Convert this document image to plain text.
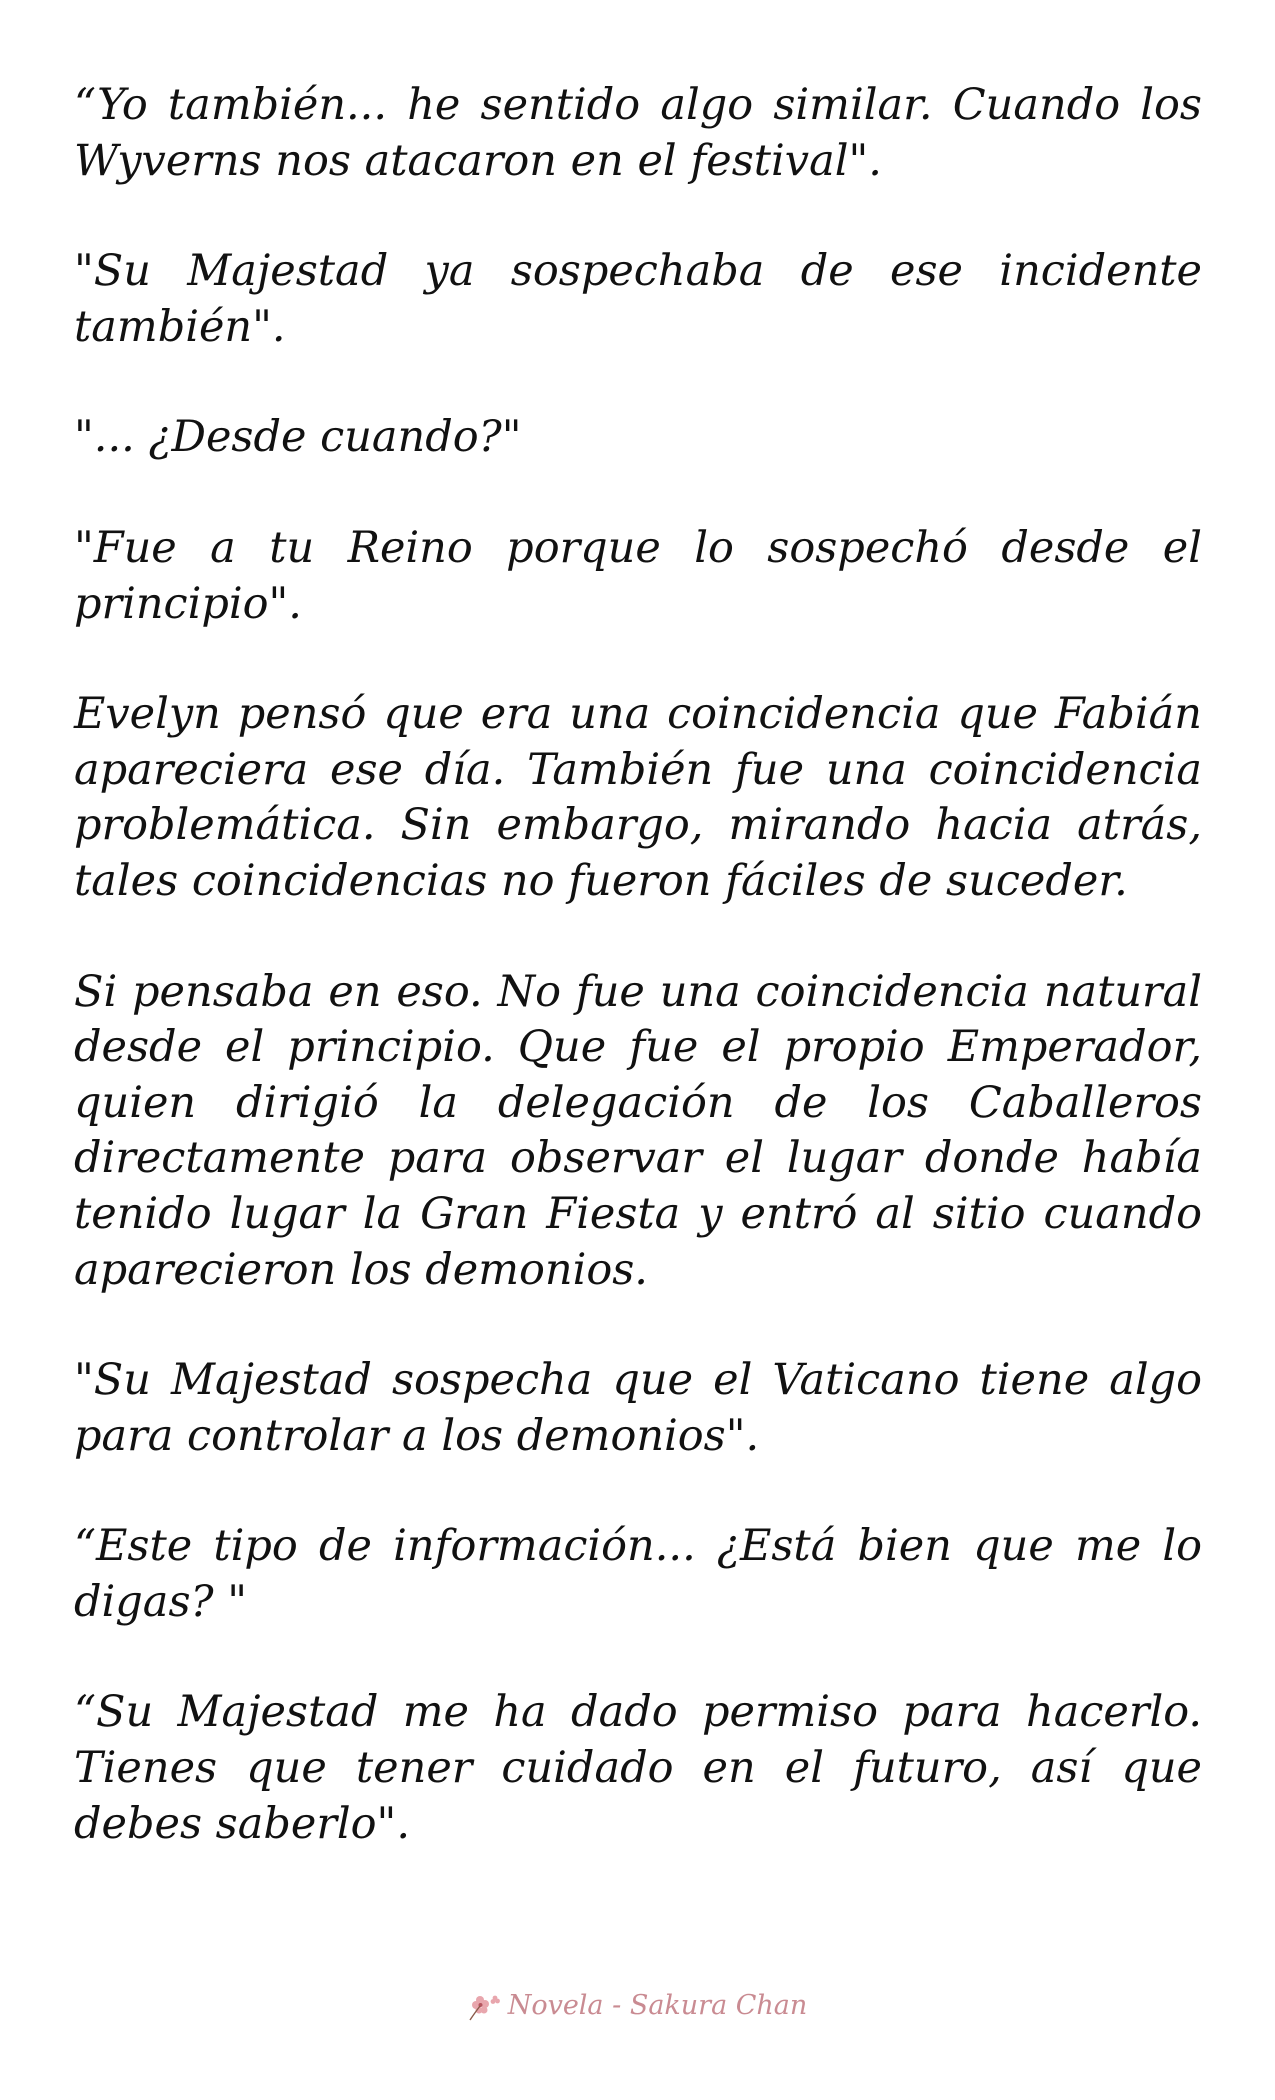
“Yo también... he sentido algo similar. Cuando los Wyverns nos atacaron en el festival".

"Su Majestad ya sospechaba de ese incidente también".

"... ¿Desde cuando?"

"Fue a tu Reino porque lo sospechó desde el principio".

Evelyn pensó que era una coincidencia que Fabián apareciera ese día. También fue una coincidencia problemática. Sin embargo, mirando hacia atrás, tales coincidencias no fueron fáciles de suceder.

Si pensaba en eso. No fue una coincidencia natural desde el principio. Que fue el propio Emperador, quien dirigió la delegación de los Caballeros directamente para observar el lugar donde había tenido lugar la Gran Fiesta y entró al sitio cuando aparecieron los demonios.

"Su Majestad sospecha que el Vaticano tiene algo para controlar a los demonios".

“Este tipo de información... ¿Está bien que me lo digas? "

“Su Majestad me ha dado permiso para hacerlo. Tienes que tener cuidado en el futuro, así que debes saberlo".

Novela - Sakura Chan
